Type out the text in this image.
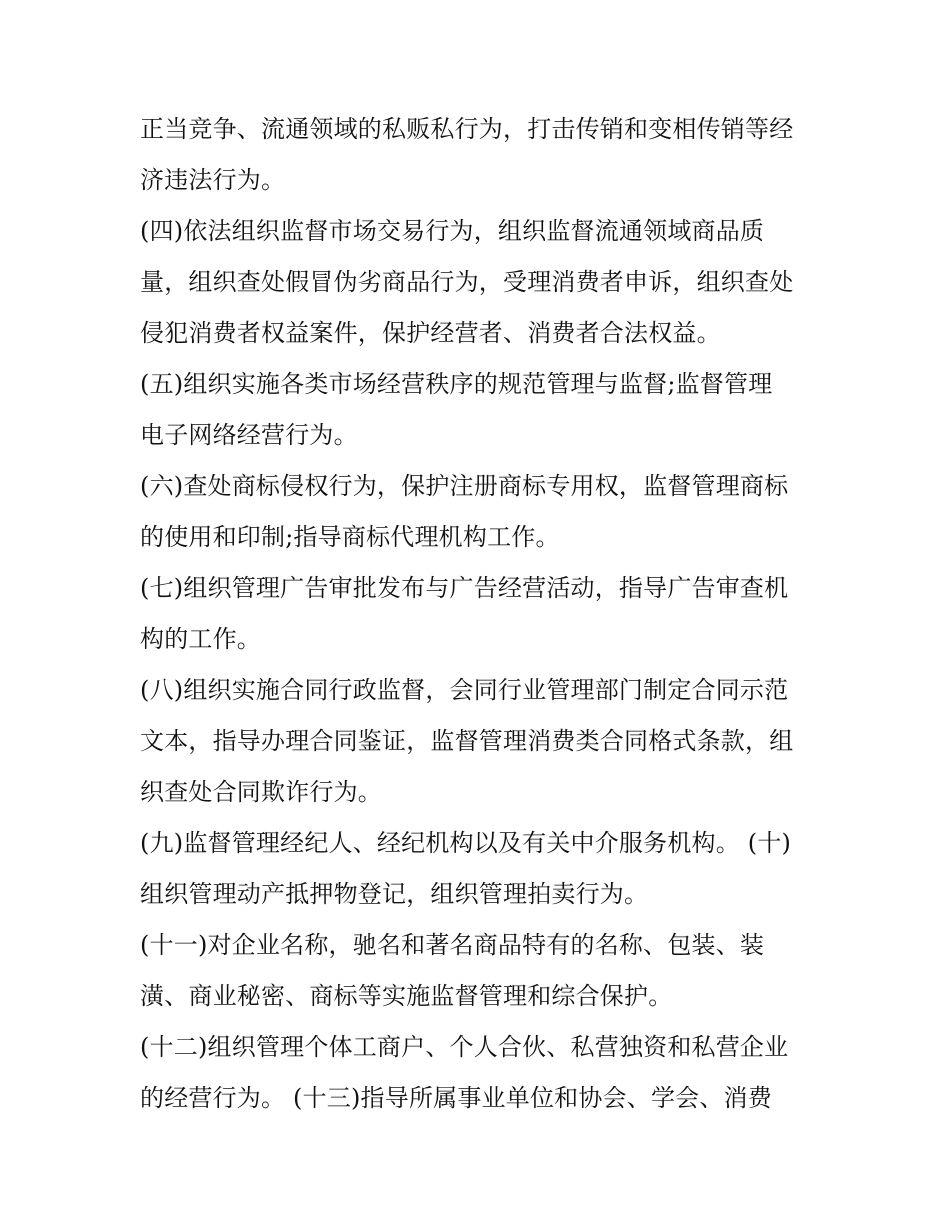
正当竞争、流通领域的私贩私行为，打击传销和变相传销等经
济违法行为。
(四)依法组织监督市场交易行为，组织监督流通领域商品质
量，组织查处假冒伪劣商品行为，受理消费者申诉，组织查处
侵犯消费者权益案件，保护经营者、消费者合法权益。
(五)组织实施各类市场经营秩序的规范管理与监督;监督管理
电子网络经营行为。
(六)查处商标侵权行为，保护注册商标专用权，监督管理商标
的使用和印制;指导商标代理机构工作。
(七)组织管理广告审批发布与广告经营活动，指导广告审查机
构的工作。
(八)组织实施合同行政监督，会同行业管理部门制定合同示范
文本，指导办理合同鉴证，监督管理消费类合同格式条款，组
织查处合同欺诈行为。
(九)监督管理经纪人、经纪机构以及有关中介服务机构。 (十)
组织管理动产抵押物登记，组织管理拍卖行为。
(十一)对企业名称，驰名和著名商品特有的名称、包装、装
潢、商业秘密、商标等实施监督管理和综合保护。
(十二)组织管理个体工商户、个人合伙、私营独资和私营企业
的经营行为。 (十三)指导所属事业单位和协会、学会、消费
